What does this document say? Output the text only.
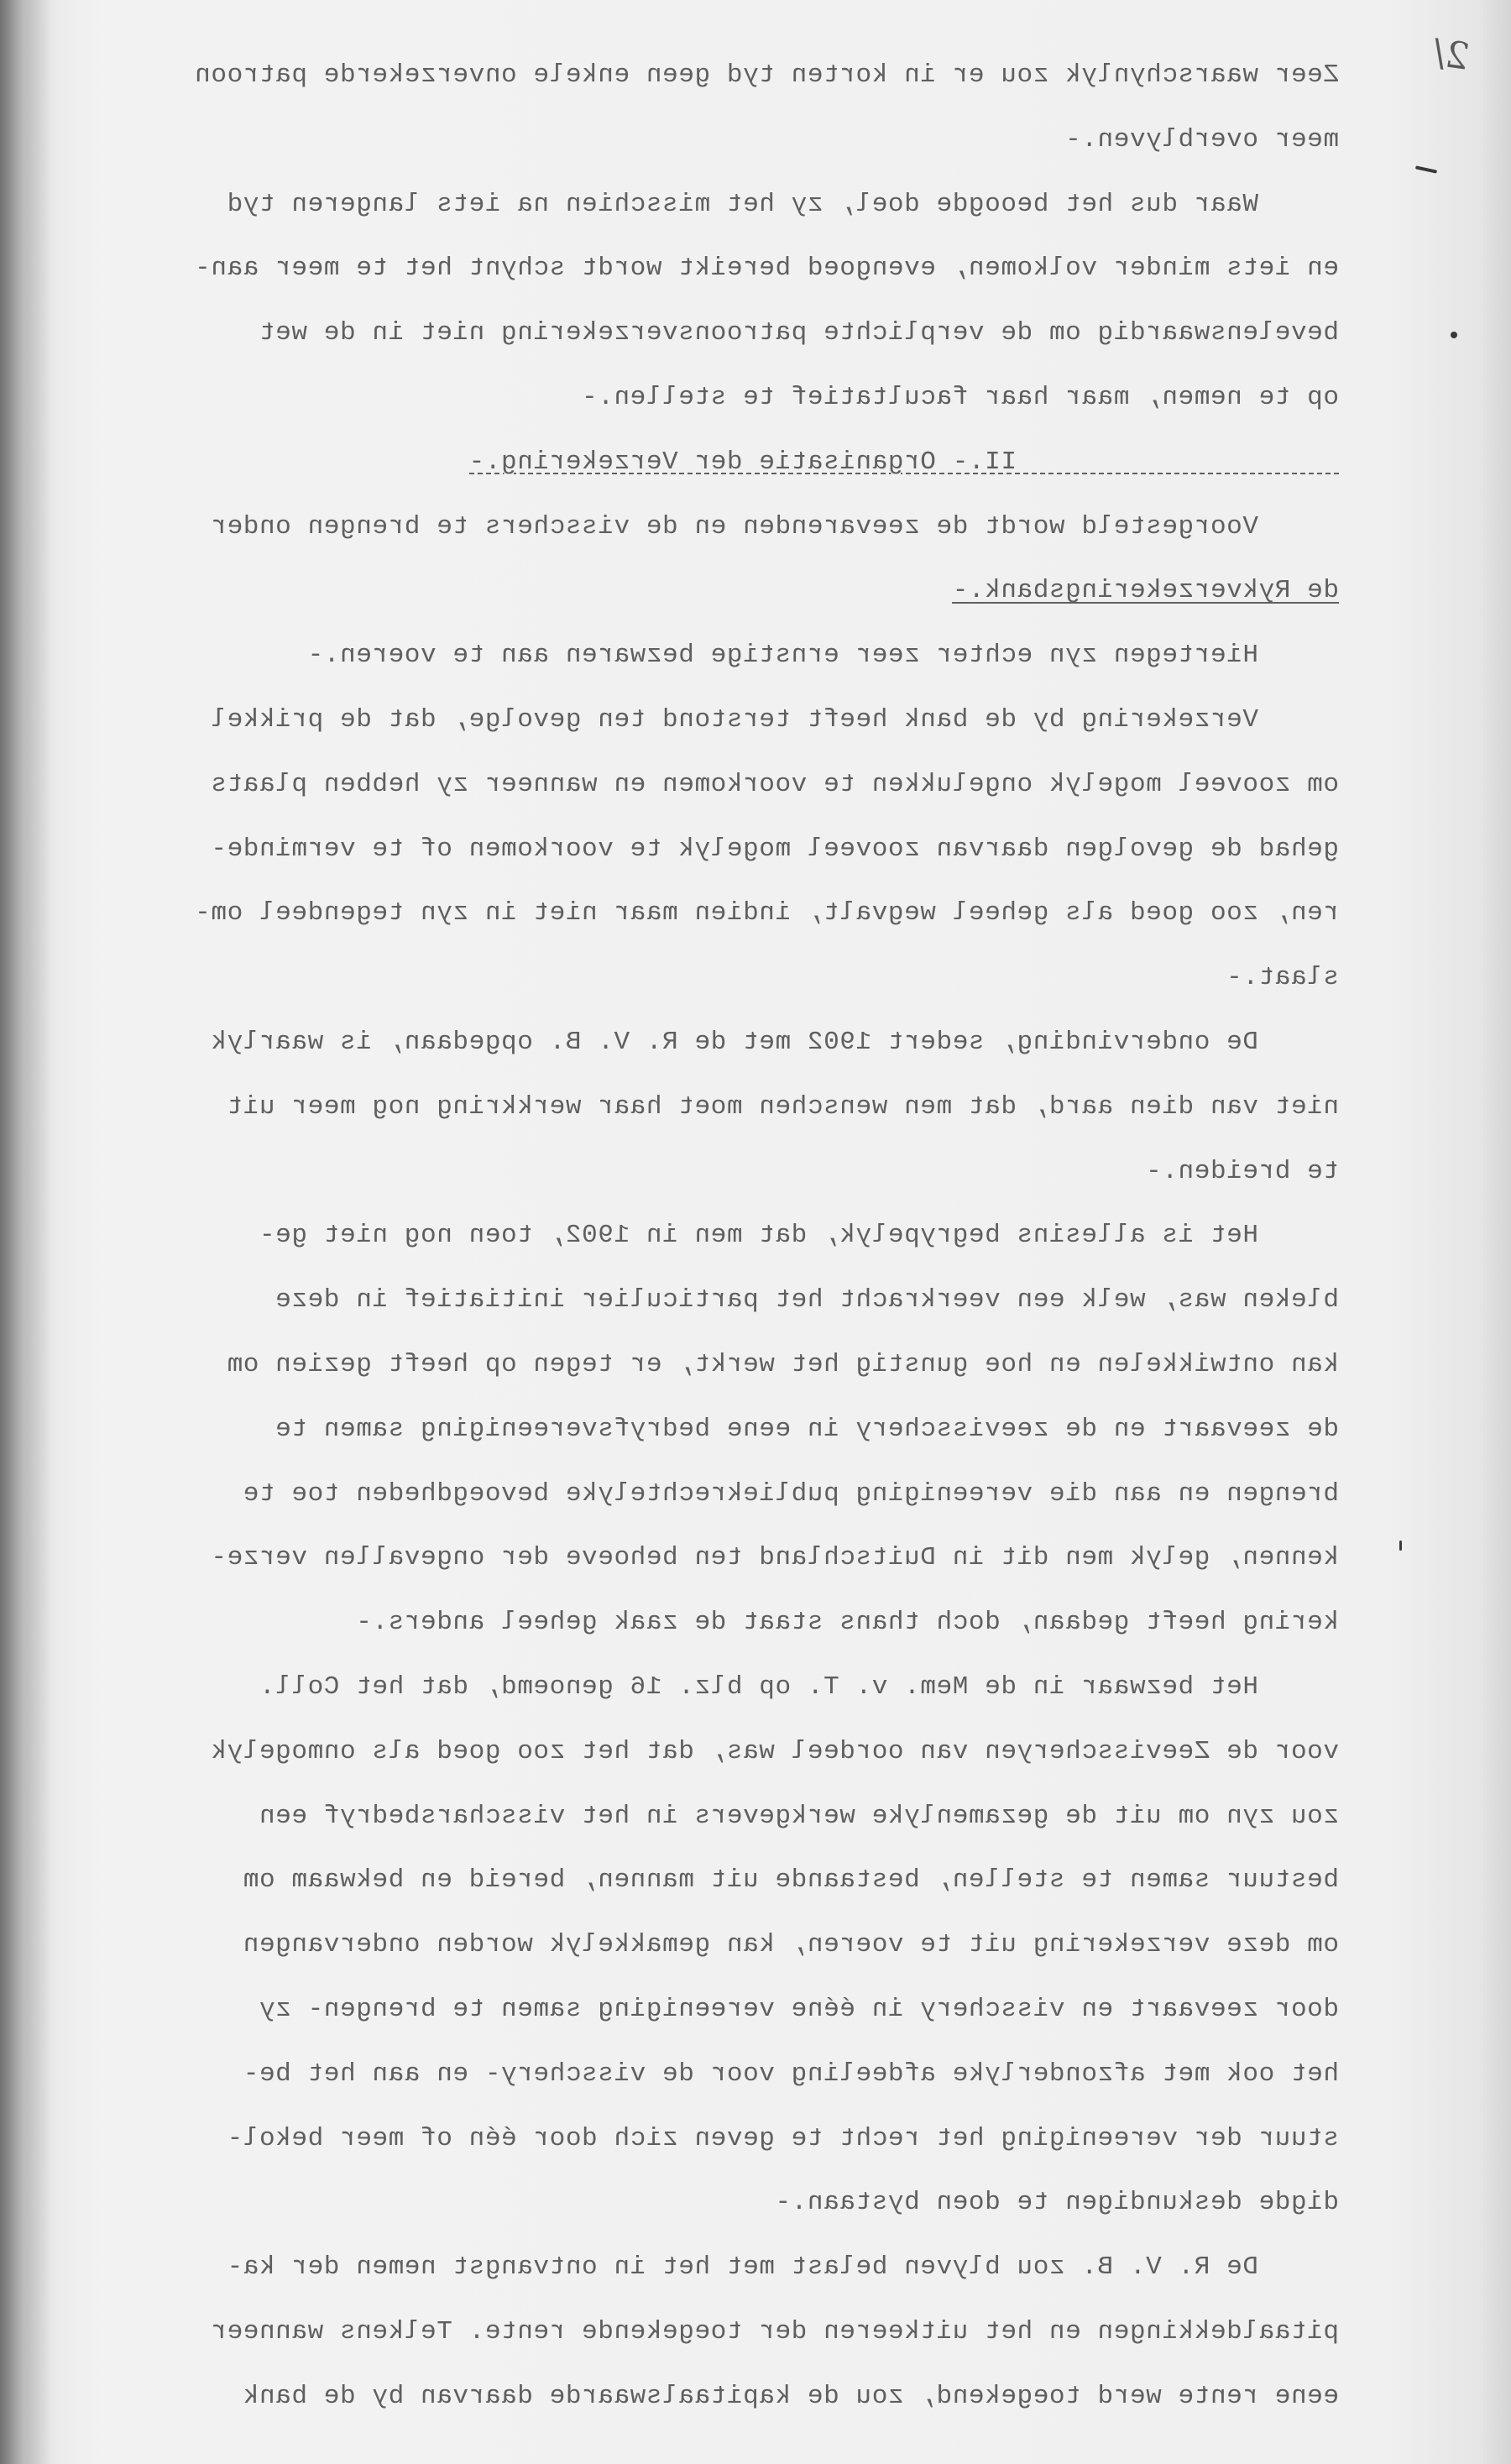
2/
Zeer waarschynlyk zou er in korten tyd geen enkele onverzekerde patroon
meer overblyven.-
Waar dus het beoogde doel, zy het misschien na iets langeren tyd
en iets minder volkomen, evengoed bereikt wordt schynt het te meer aan-
bevelenswaardig om de verplichte patroonsverzekering niet in de wet
op te nemen, maar haar facultatief te stellen.-
II.- Organisatie der Verzekering.-
Voorgesteld wordt de zeevarenden en de visschers te brengen onder
de Rykverzekeringsbank.-
Hiertegen zyn echter zeer ernstige bezwaren aan te voeren.-
Verzekering by de bank heeft terstond ten gevolge, dat de prikkel
om zooveel mogelyk ongelukken te voorkomen en wanneer zy hebben plaats
gehad de gevolgen daarvan zooveel mogelyk te voorkomen of te verminde-
ren, zoo goed als geheel wegvalt, indien maar niet in zyn tegendeel om-
slaat.-
De ondervinding, sedert 1902 met de R. V. B. opgedaan, is waarlyk
niet van dien aard, dat men wenschen moet haar werkkring nog meer uit
te breiden.-
Het is allesins begrypelyk, dat men in 1902, toen nog niet ge-
bleken was, welk een veerkracht het particulier initiatief in deze
kan ontwikkelen en hoe gunstig het werkt, er tegen op heeft gezien om
de zeevaart en de zeevisschery in eene bedryfsvereeniging samen te
brengen en aan die vereeniging publiekrechtelyke bevoegdheden toe te
kennen, gelyk men dit in Duitschland ten behoeve der ongevallen verze-
kering heeft gedaan, doch thans staat de zaak geheel anders.-
Het bezwaar in de Mem. v. T. op blz. 16 genoemd, dat het Coll.
voor de Zeevisscheryen van oordeel was, dat het zoo goed als onmogelyk
zou zyn om uit de gezamenlyke werkgevers in het visscharsbedryf een
bestuur samen te stellen, bestaande uit mannen, bereid en bekwaam om
om deze verzekering uit te voeren, kan gemakkelyk worden ondervangen
door zeevaart en visschery in ééne vereeniging samen te brengen- zy
het ook met afzonderlyke afdeeling voor de visschery- en aan het be-
stuur der vereeniging het recht te geven zich door één of meer bekol-
digde deskundigen te doen bystaan.-
De R. V. B. zou blyven belast met het in ontvangst nemen der ka-
pitaaldekkingen en het uitkeeren der toegekende rente. Telkens wanneer
eene rente werd toegekend, zou de kapitaalswaarde daarvan by de bank
